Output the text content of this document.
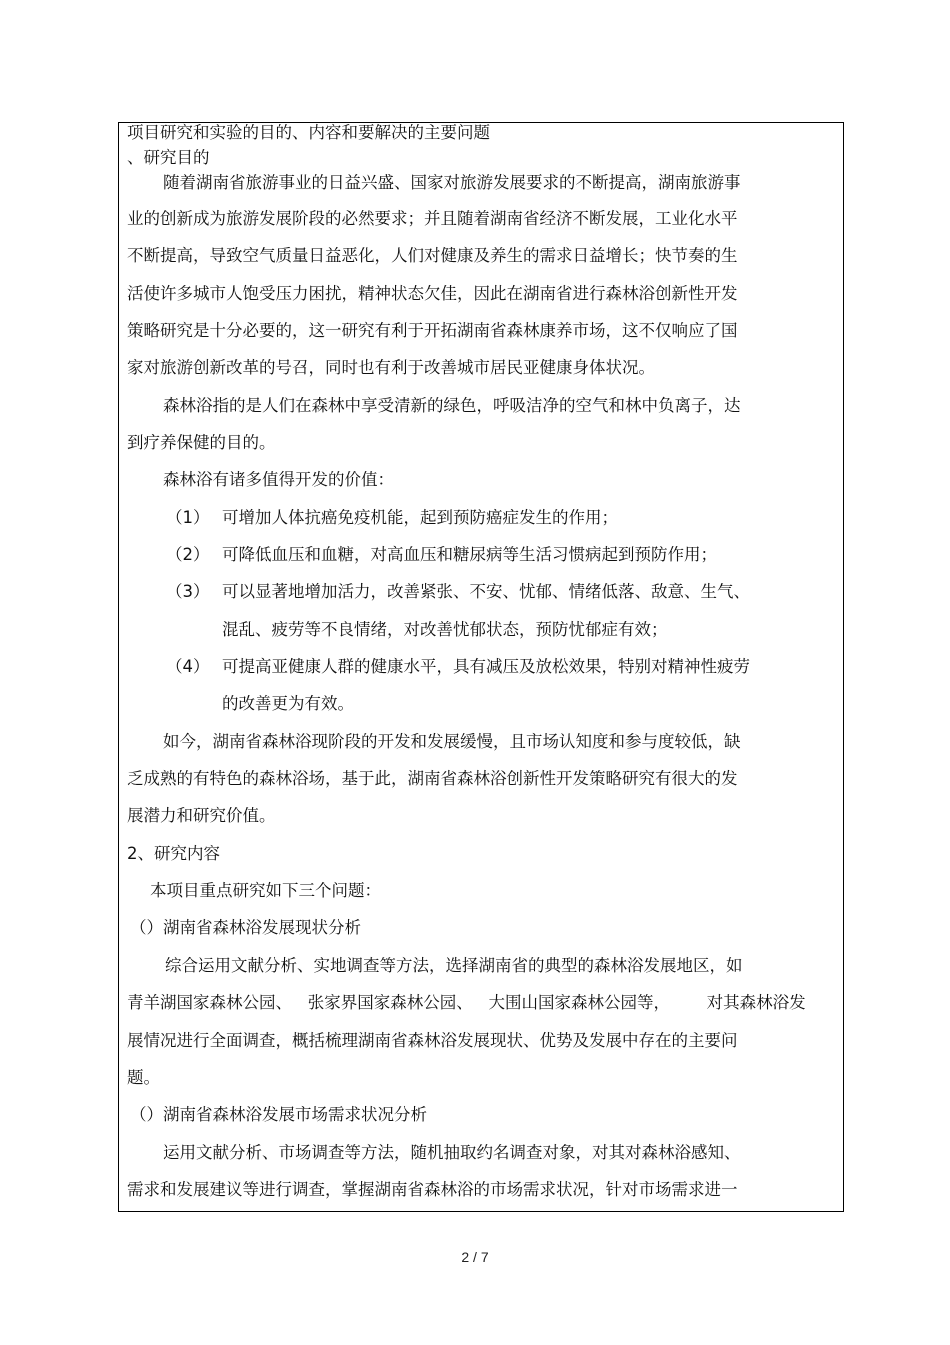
项目研究和实验的目的、内容和要解决的主要问题
、研究目的
随着湖南省旅游事业的日益兴盛、国家对旅游发展要求的不断提高，湖南旅游事
业的创新成为旅游发展阶段的必然要求；并且随着湖南省经济不断发展，工业化水平
不断提高，导致空气质量日益恶化，人们对健康及养生的需求日益增长；快节奏的生
活使许多城市人饱受压力困扰，精神状态欠佳，因此在湖南省进行森林浴创新性开发
策略研究是十分必要的，这一研究有利于开拓湖南省森林康养市场，这不仅响应了国
家对旅游创新改革的号召，同时也有利于改善城市居民亚健康身体状况。
森林浴指的是人们在森林中享受清新的绿色，呼吸洁净的空气和林中负离子，达
到疗养保健的目的。
森林浴有诸多值得开发的价值：
（1） 可增加人体抗癌免疫机能，起到预防癌症发生的作用；
（2） 可降低血压和血糖，对高血压和糖尿病等生活习惯病起到预防作用；
（3） 可以显著地增加活力，改善紧张、不安、忧郁、情绪低落、敌意、生气、
混乱、疲劳等不良情绪，对改善忧郁状态，预防忧郁症有效；
（4） 可提高亚健康人群的健康水平，具有减压及放松效果，特别对精神性疲劳
的改善更为有效。
如今，湖南省森林浴现阶段的开发和发展缓慢，且市场认知度和参与度较低，缺
乏成熟的有特色的森林浴场，基于此，湖南省森林浴创新性开发策略研究有很大的发
展潜力和研究价值。
2、研究内容
本项目重点研究如下三个问题：
（）湖南省森林浴发展现状分析
综合运用文献分析、实地调查等方法，选择湖南省的典型的森林浴发展地区，如
青羊湖国家森林公园、   张家界国家森林公园、   大围山国家森林公园等，       对其森林浴发
展情况进行全面调查，概括梳理湖南省森林浴发展现状、优势及发展中存在的主要问
题。
（）湖南省森林浴发展市场需求状况分析
运用文献分析、市场调查等方法，随机抽取约名调查对象，对其对森林浴感知、
需求和发展建议等进行调查，掌握湖南省森林浴的市场需求状况，针对市场需求进一
2 / 7
